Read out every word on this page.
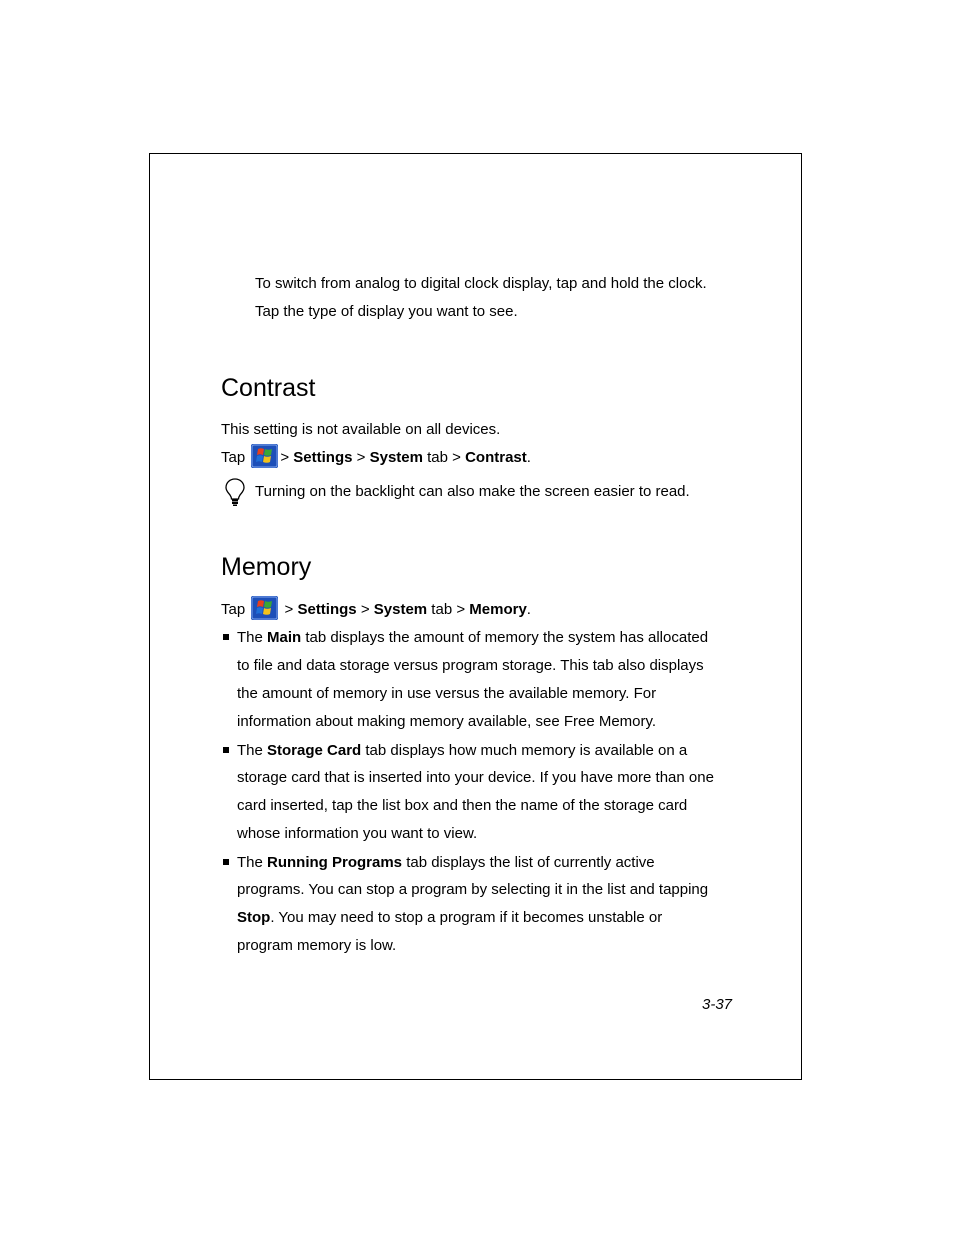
To switch from analog to digital clock display, tap and hold the clock.
Tap the type of display you want to see.
Contrast
This setting is not available on all devices.
Tap > Settings > System tab > Contrast.
Turning on the backlight can also make the screen easier to read.
Memory
Tap
> Settings > System tab > Memory.
The Main tab displays the amount of memory the system has allocated
to file and data storage versus program storage. This tab also displays
the amount of memory in use versus the available memory. For
information about making memory available, see Free Memory.
The Storage Card tab displays how much memory is available on a
storage card that is inserted into your device. If you have more than one
card inserted, tap the list box and then the name of the storage card
whose information you want to view.
The Running Programs tab displays the list of currently active
programs. You can stop a program by selecting it in the list and tapping
Stop. You may need to stop a program if it becomes unstable or
program memory is low.
3-37
